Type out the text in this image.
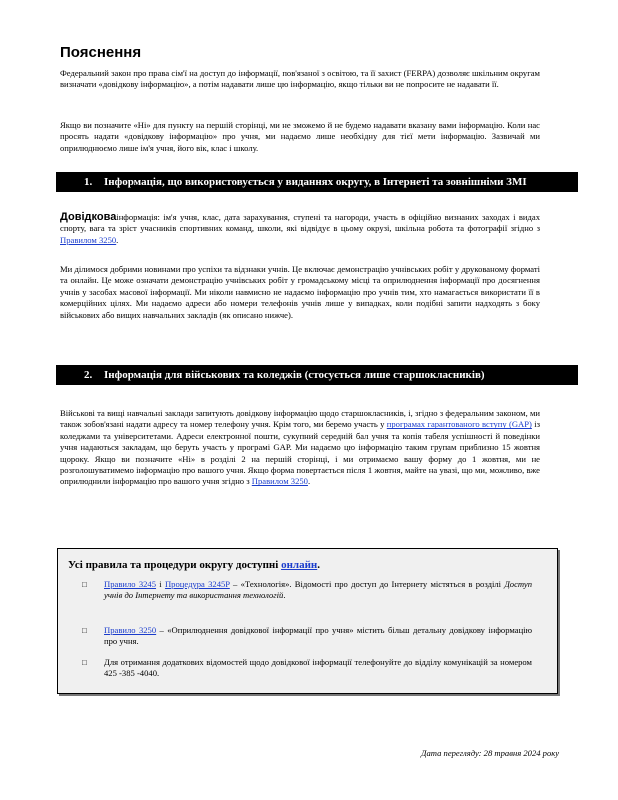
Пояснення
Федеральний закон про права сім'ї на доступ до інформації, пов'язаної з освітою, та її захист (FERPA) дозволяє шкільним округам визначати «довідкову інформацію», а потім надавати лише цю інформацію, якщо тільки ви не попросите не надавати її.
Якщо ви позначите «Ні» для пункту на першій сторінці, ми не зможемо й не будемо надавати вказану вами інформацію. Коли нас просять надати «довідкову інформацію» про учня, ми надаємо лише необхідну для тієї мети інформацію. Зазвичай ми оприлюднюємо лише ім'я учня, його вік, клас і школу.
1. Інформація, що використовується у виданнях округу, в Інтернеті та зовнішніми ЗМІ
Довідковаінформація: ім'я учня, клас, дата зарахування, ступені та нагороди, участь в офіційно визнаних заходах і видах спорту, вага та зріст учасників спортивних команд, школи, які відвідує в цьому окрузі, шкільна робота та фотографії згідно з Правилом 3250.
Ми ділимося добрими новинами про успіхи та відзнаки учнів. Це включає демонстрацію учнівських робіт у друкованому форматі та онлайн. Це може означати демонстрацію учнівських робіт у громадському місці та оприлюднення інформації про досягнення учнів у засобах масової інформації. Ми ніколи навмисно не надаємо інформацію про учнів тим, хто намагається використати її в комерційних цілях. Ми надаємо адреси або номери телефонів учнів лише у випадках, коли подібні запити надходять з боку військових або вищих навчальних закладів (як описано нижче).
2. Інформація для військових та коледжів (стосується лише старшокласників)
Військові та вищі навчальні заклади запитують довідкову інформацію щодо старшокласників, і, згідно з федеральним законом, ми також зобов'язані надати адресу та номер телефону учня. Крім того, ми беремо участь у програмах гарантованого вступу (GAP) із коледжами та університетами. Адреси електронної пошти, сукупний середній бал учня та копія табеля успішності й поведінки учня надаються закладам, що беруть участь у програмі GAP. Ми надаємо цю інформацію таким групам приблизно 15 жовтня щороку. Якщо ви позначите «Ні» в розділі 2 на першій сторінці, і ми отримаємо вашу форму до 1 жовтня, ми не розголошуватимемо інформацію про вашого учня. Якщо форма повертається після 1 жовтня, майте на увазі, що ми, можливо, вже оприлюднили інформацію про вашого учня згідно з Правилом 3250.
Усі правила та процедури округу доступні онлайн.
□ Правило 3245 і Процедура 3245P – «Технологія». Відомості про доступ до Інтернету містяться в розділі Доступ учнів до Інтернету та використання технологій.
□ Правило 3250 – «Оприлюднення довідкової інформації про учня» містить більш детальну довідкову інформацію про учня.
□ Для отримання додаткових відомостей щодо довідкової інформації телефонуйте до відділу комунікацій за номером 425 -385 -4040.
Дата перегляду: 28 травня 2024 року
